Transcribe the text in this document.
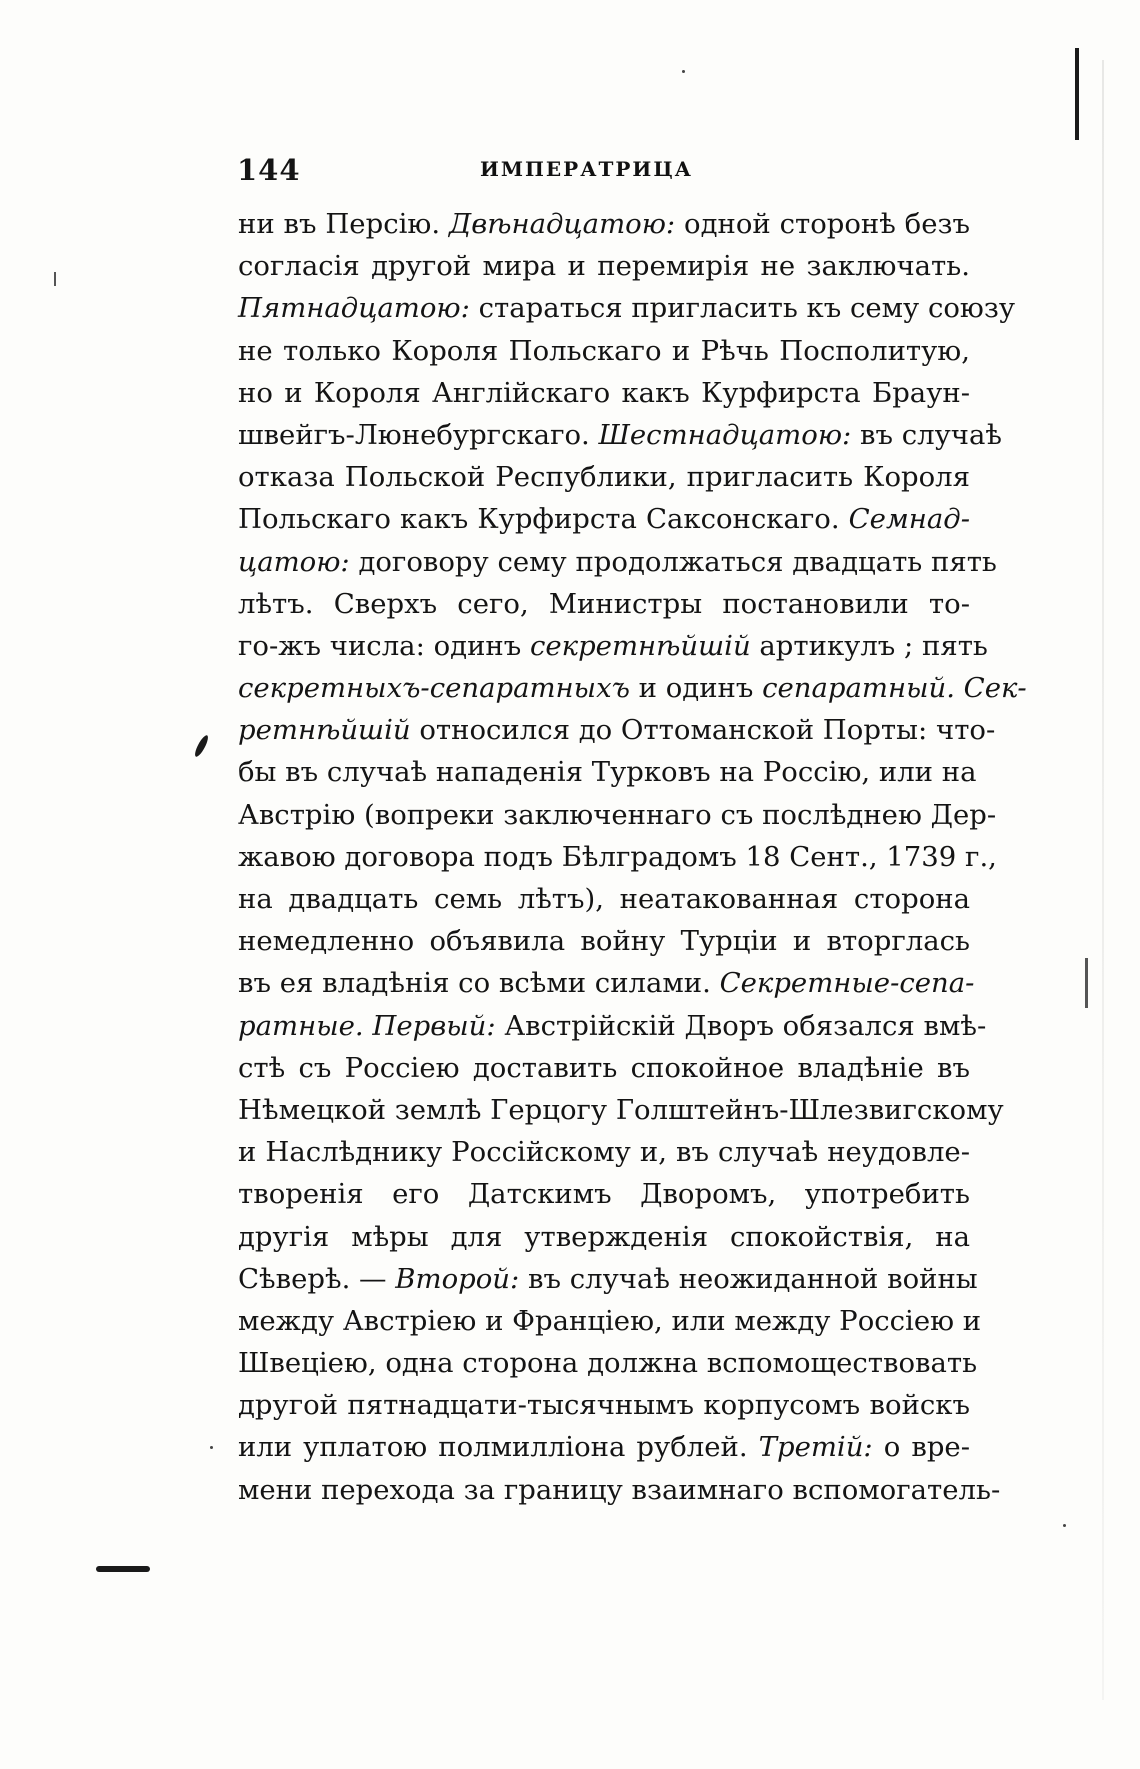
144	ИМПЕРАТРИЦА
ни въ Персію. Двѣнадцатою: одной сторонѣ безъ
согласія другой мира и перемирія не заключать.
Пятнадцатою: стараться пригласить къ сему союзу
не только Короля Польскаго и Рѣчь Посполитую,
но и Короля Англійскаго какъ Курфирста Браун-
швейгъ-Люнебургскаго. Шестнадцатою: въ случаѣ
отказа Польской Республики, пригласить Короля
Польскаго какъ Курфирста Саксонскаго. Семнад-
цатою: договору сему продолжаться двадцать пять
лѣтъ. Сверхъ сего, Министры постановили то-
го-жъ числа: одинъ секретнѣйшій артикулъ ; пять
секретныхъ-сепаратныхъ и одинъ сепаратный. Сек-
ретнѣйшій относился до Оттоманской Порты: что-
бы въ случаѣ нападенія Турковъ на Россію, или на
Австрію (вопреки заключеннаго съ послѣднею Дер-
жавою договора подъ Бѣлградомъ 18 Сент., 1739 г.,
на двадцать семь лѣтъ), неатакованная сторона
немедленно объявила войну Турціи и вторглась
въ ея владѣнія со всѣми силами. Секретные-сепа-
ратные. Первый: Австрійскій Дворъ обязался вмѣ-
стѣ съ Россіею доставить спокойное владѣніе въ
Нѣмецкой землѣ Герцогу Голштейнъ-Шлезвигскому
и Наслѣднику Россійскому и, въ случаѣ неудовле-
творенія его Датскимъ Дворомъ, употребить
другія мѣры для утвержденія спокойствія, на
Сѣверѣ. — Второй: въ случаѣ неожиданной войны
между Австріею и Франціею, или между Россіею и
Швеціею, одна сторона должна вспомоществовать
другой пятнадцати-тысячнымъ корпусомъ войскъ
или уплатою полмилліона рублей. Третій: о вре-
мени перехода за границу взаимнаго вспомогатель-
